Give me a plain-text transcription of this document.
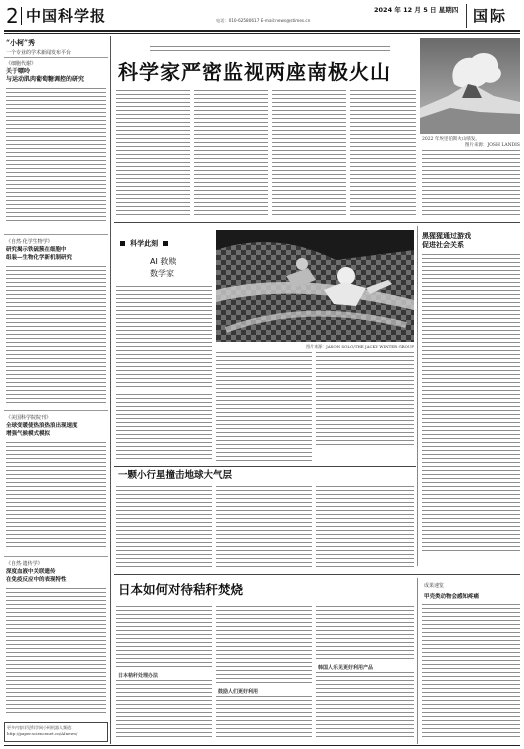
2 中国科学报	2024 年 12 月 5 日 星期四
电话：010-62580617 E-mail:news@stimes.cn	国际
“小柯”秀
一个专业的学术新闻发布平台
《细胞代谢》
关于嘌呤
与运动肌肉葡萄糖调控的研究
《自然·化学生物学》
研究揭示铁硫簇在细胞中
组装—生物化学新机制研究
《美国科学院院刊》
全球变暖使热浪热浪出现速度
增强气候模式模拟
《自然·遗传学》
深度血液中关联遗传
在免疫反应中的表现特性
更多内容详见科学网小柯机器人频道：
http://paper.sciencenet.cn/AInews/
科学家严密监视两座南极火山
2022 年埃里伯斯火山喷发。
图片来源：JOSH LANDIS
科学此刻
AI 救赎
数学家
图片来源：JASON SOLO/THE JACKY WINTER GROUP
黑猩猩通过游戏
促进社会关系
一颗小行星撞击地球大气层
日本如何对待秸秆焚烧
日本秸秆处理办法
鼓励人们更好利用
韩国人乐见更好利用产品
成果速览
甲壳类动物会感知疼痛
